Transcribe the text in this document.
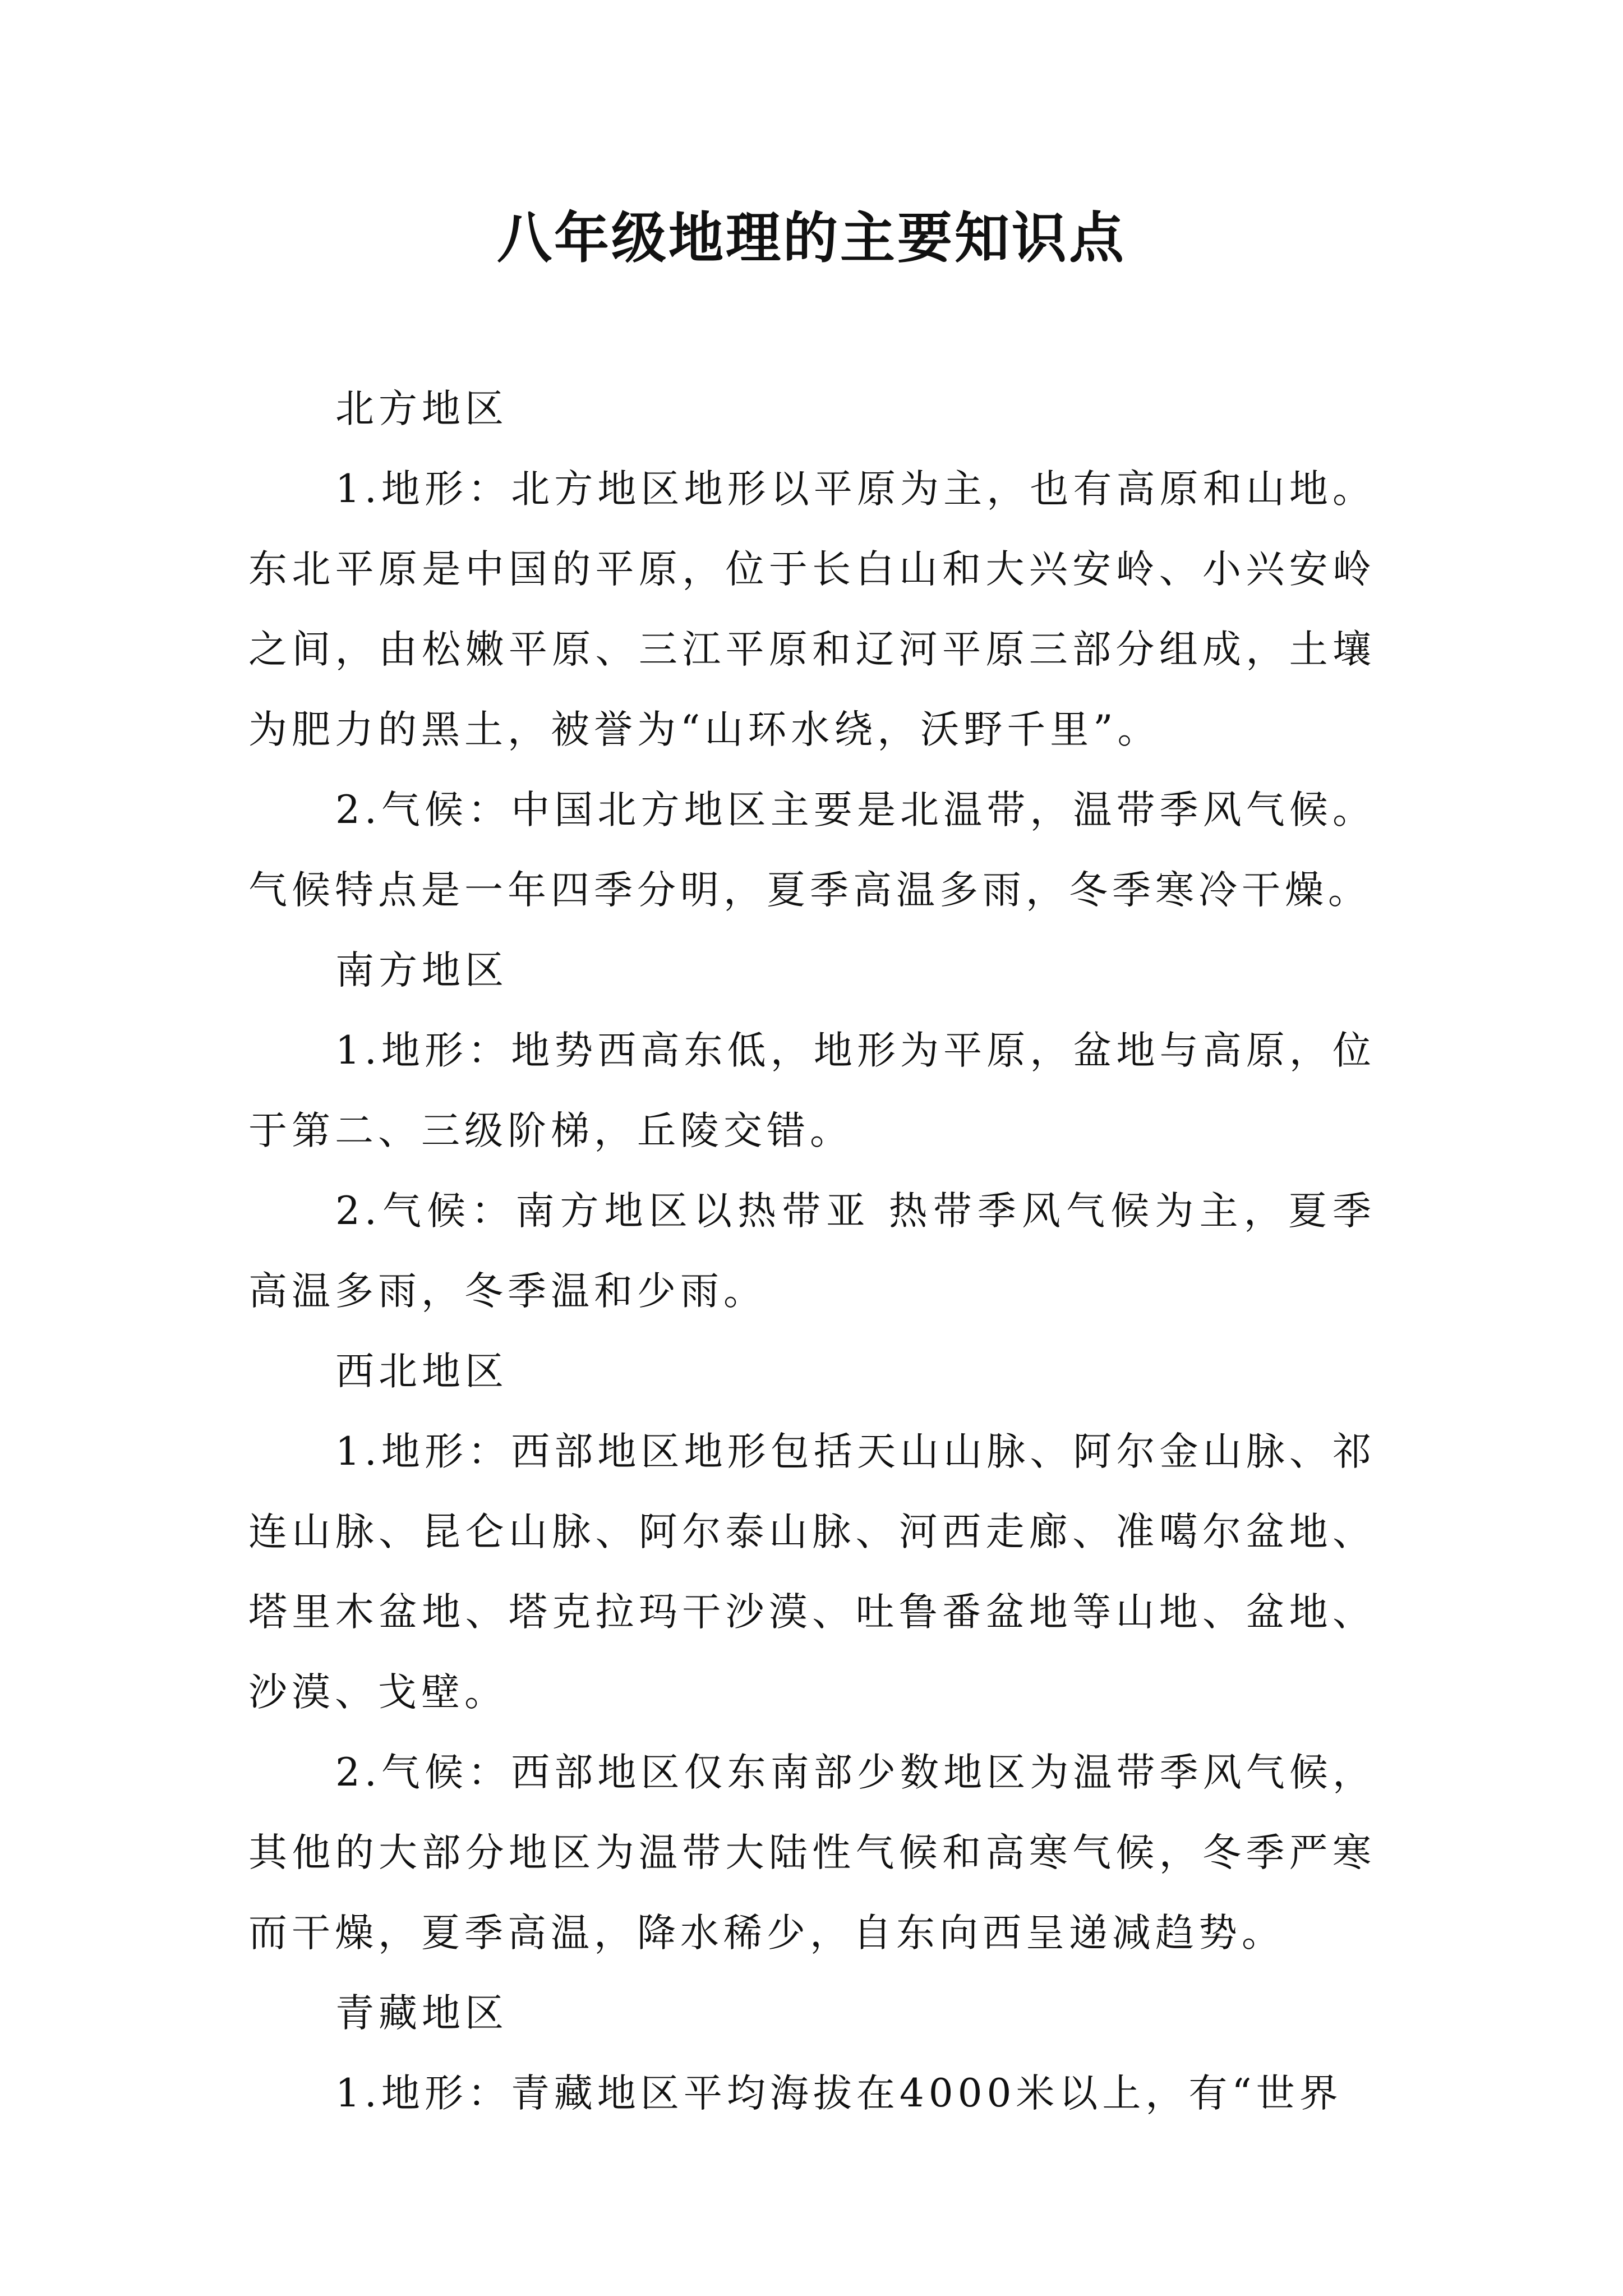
八年级地理的主要知识点

北方地区

1.地形：北方地区地形以平原为主，也有高原和山地。东北平原是中国的平原，位于长白山和大兴安岭、小兴安岭之间，由松嫩平原、三江平原和辽河平原三部分组成，土壤为肥力的黑土，被誉为“山环水绕，沃野千里”。

2.气候：中国北方地区主要是北温带，温带季风气候。气候特点是一年四季分明，夏季高温多雨，冬季寒冷干燥。

南方地区

1.地形：地势西高东低，地形为平原，盆地与高原，位于第二、三级阶梯，丘陵交错。

2.气候：南方地区以热带亚 热带季风气候为主，夏季高温多雨，冬季温和少雨。

西北地区

1.地形：西部地区地形包括天山山脉、阿尔金山脉、祁连山脉、昆仑山脉、阿尔泰山脉、河西走廊、准噶尔盆地、塔里木盆地、塔克拉玛干沙漠、吐鲁番盆地等山地、盆地、沙漠、戈壁。

2.气候：西部地区仅东南部少数地区为温带季风气候，其他的大部分地区为温带大陆性气候和高寒气候，冬季严寒而干燥，夏季高温，降水稀少，自东向西呈递减趋势。

青藏地区

1.地形：青藏地区平均海拔在4000米以上，有“世界
